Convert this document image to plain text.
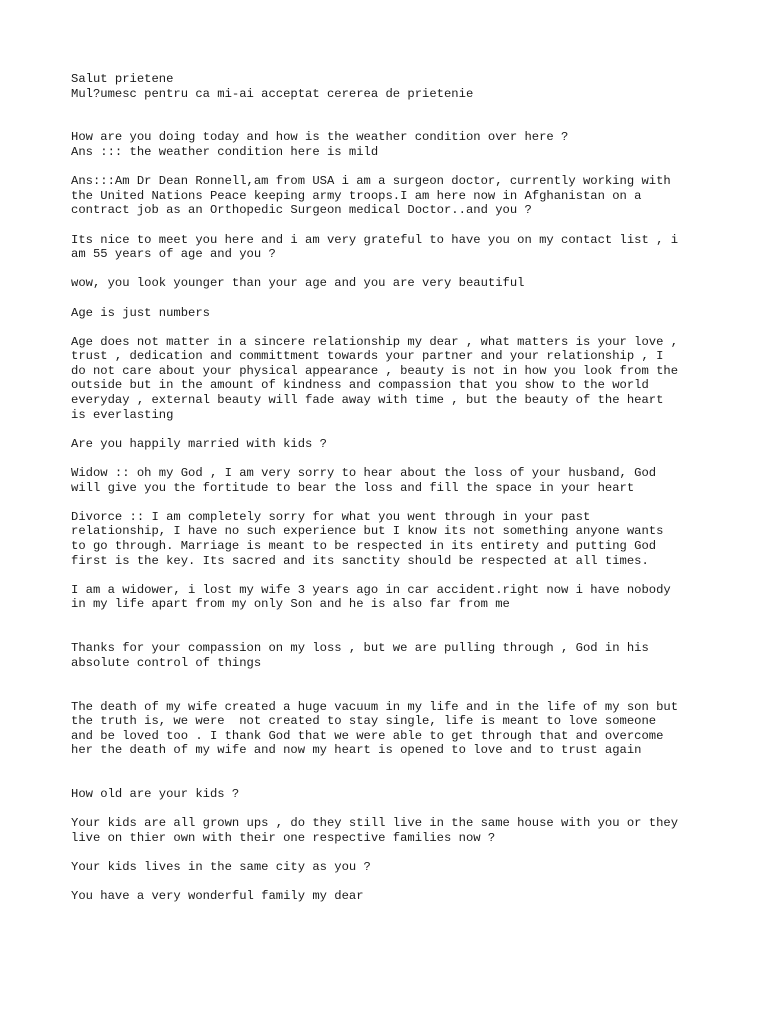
Salut prietene
Mul?umesc pentru ca mi-ai acceptat cererea de prietenie

How are you doing today and how is the weather condition over here ?
Ans ::: the weather condition here is mild

Ans:::Am Dr Dean Ronnell,am from USA i am a surgeon doctor, currently working with
the United Nations Peace keeping army troops.I am here now in Afghanistan on a
contract job as an Orthopedic Surgeon medical Doctor..and you ?

Its nice to meet you here and i am very grateful to have you on my contact list , i
am 55 years of age and you ?

wow, you look younger than your age and you are very beautiful

Age is just numbers

Age does not matter in a sincere relationship my dear , what matters is your love ,
trust , dedication and committment towards your partner and your relationship , I
do not care about your physical appearance , beauty is not in how you look from the
outside but in the amount of kindness and compassion that you show to the world
everyday , external beauty will fade away with time , but the beauty of the heart
is everlasting

Are you happily married with kids ?

Widow :: oh my God , I am very sorry to hear about the loss of your husband, God
will give you the fortitude to bear the loss and fill the space in your heart

Divorce :: I am completely sorry for what you went through in your past
relationship, I have no such experience but I know its not something anyone wants
to go through. Marriage is meant to be respected in its entirety and putting God
first is the key. Its sacred and its sanctity should be respected at all times.

I am a widower, i lost my wife 3 years ago in car accident.right now i have nobody
in my life apart from my only Son and he is also far from me

Thanks for your compassion on my loss , but we are pulling through , God in his
absolute control of things

The death of my wife created a huge vacuum in my life and in the life of my son but
the truth is, we were  not created to stay single, life is meant to love someone
and be loved too . I thank God that we were able to get through that and overcome
her the death of my wife and now my heart is opened to love and to trust again

How old are your kids ?

Your kids are all grown ups , do they still live in the same house with you or they
live on thier own with their one respective families now ?

Your kids lives in the same city as you ?

You have a very wonderful family my dear
